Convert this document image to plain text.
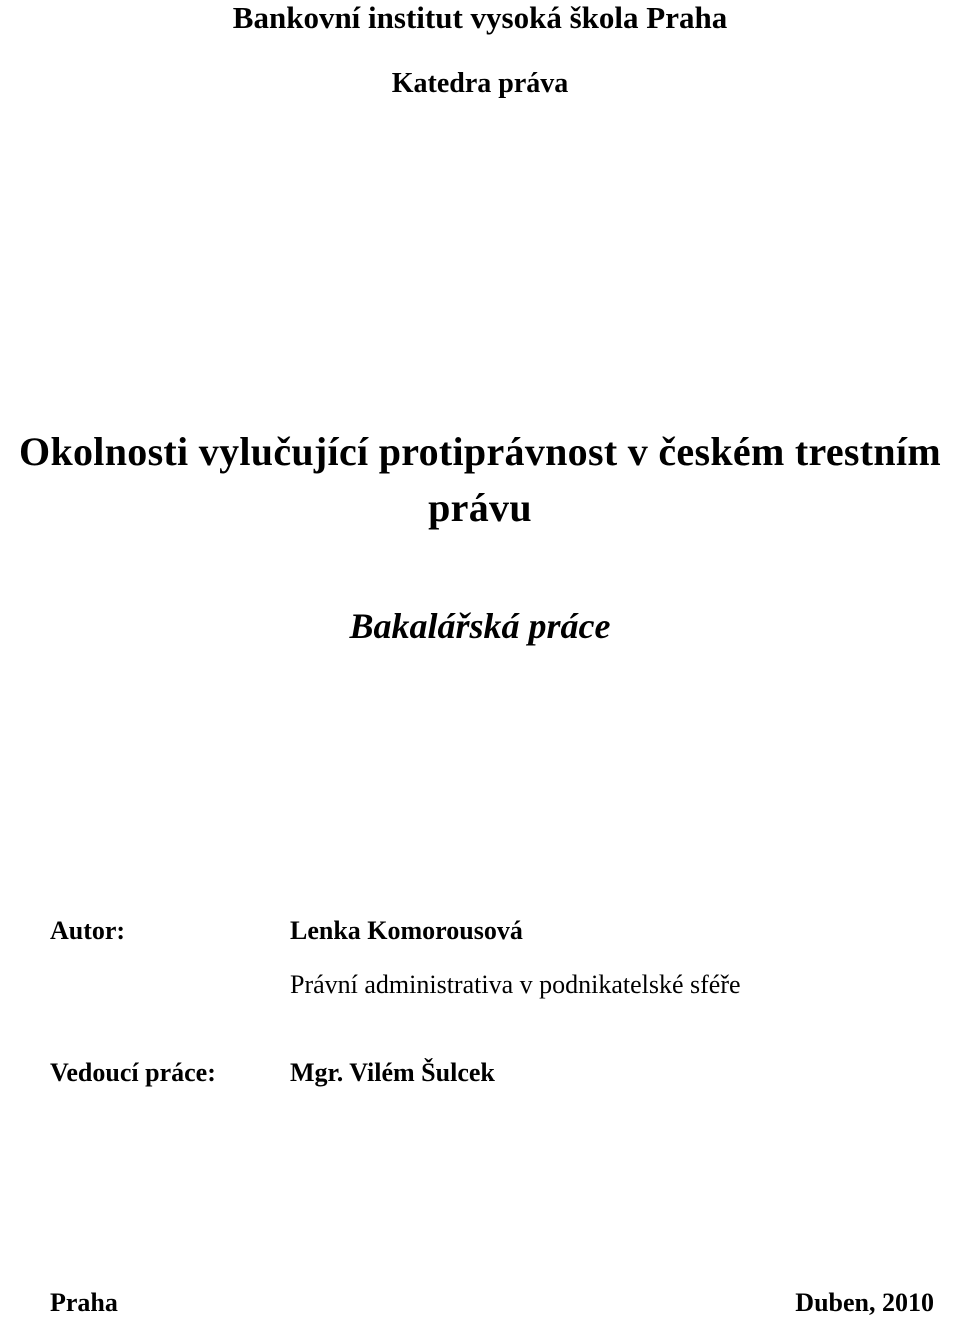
Bankovní institut vysoká škola Praha

Katedra práva

Okolnosti vylučující protiprávnost v českém trestním
právu

Bakalářská práce

Autor:	Lenka Komorousová

Právní administrativa v podnikatelské sféře

Vedoucí práce:	Mgr. Vilém Šulcek

Praha	Duben, 2010
